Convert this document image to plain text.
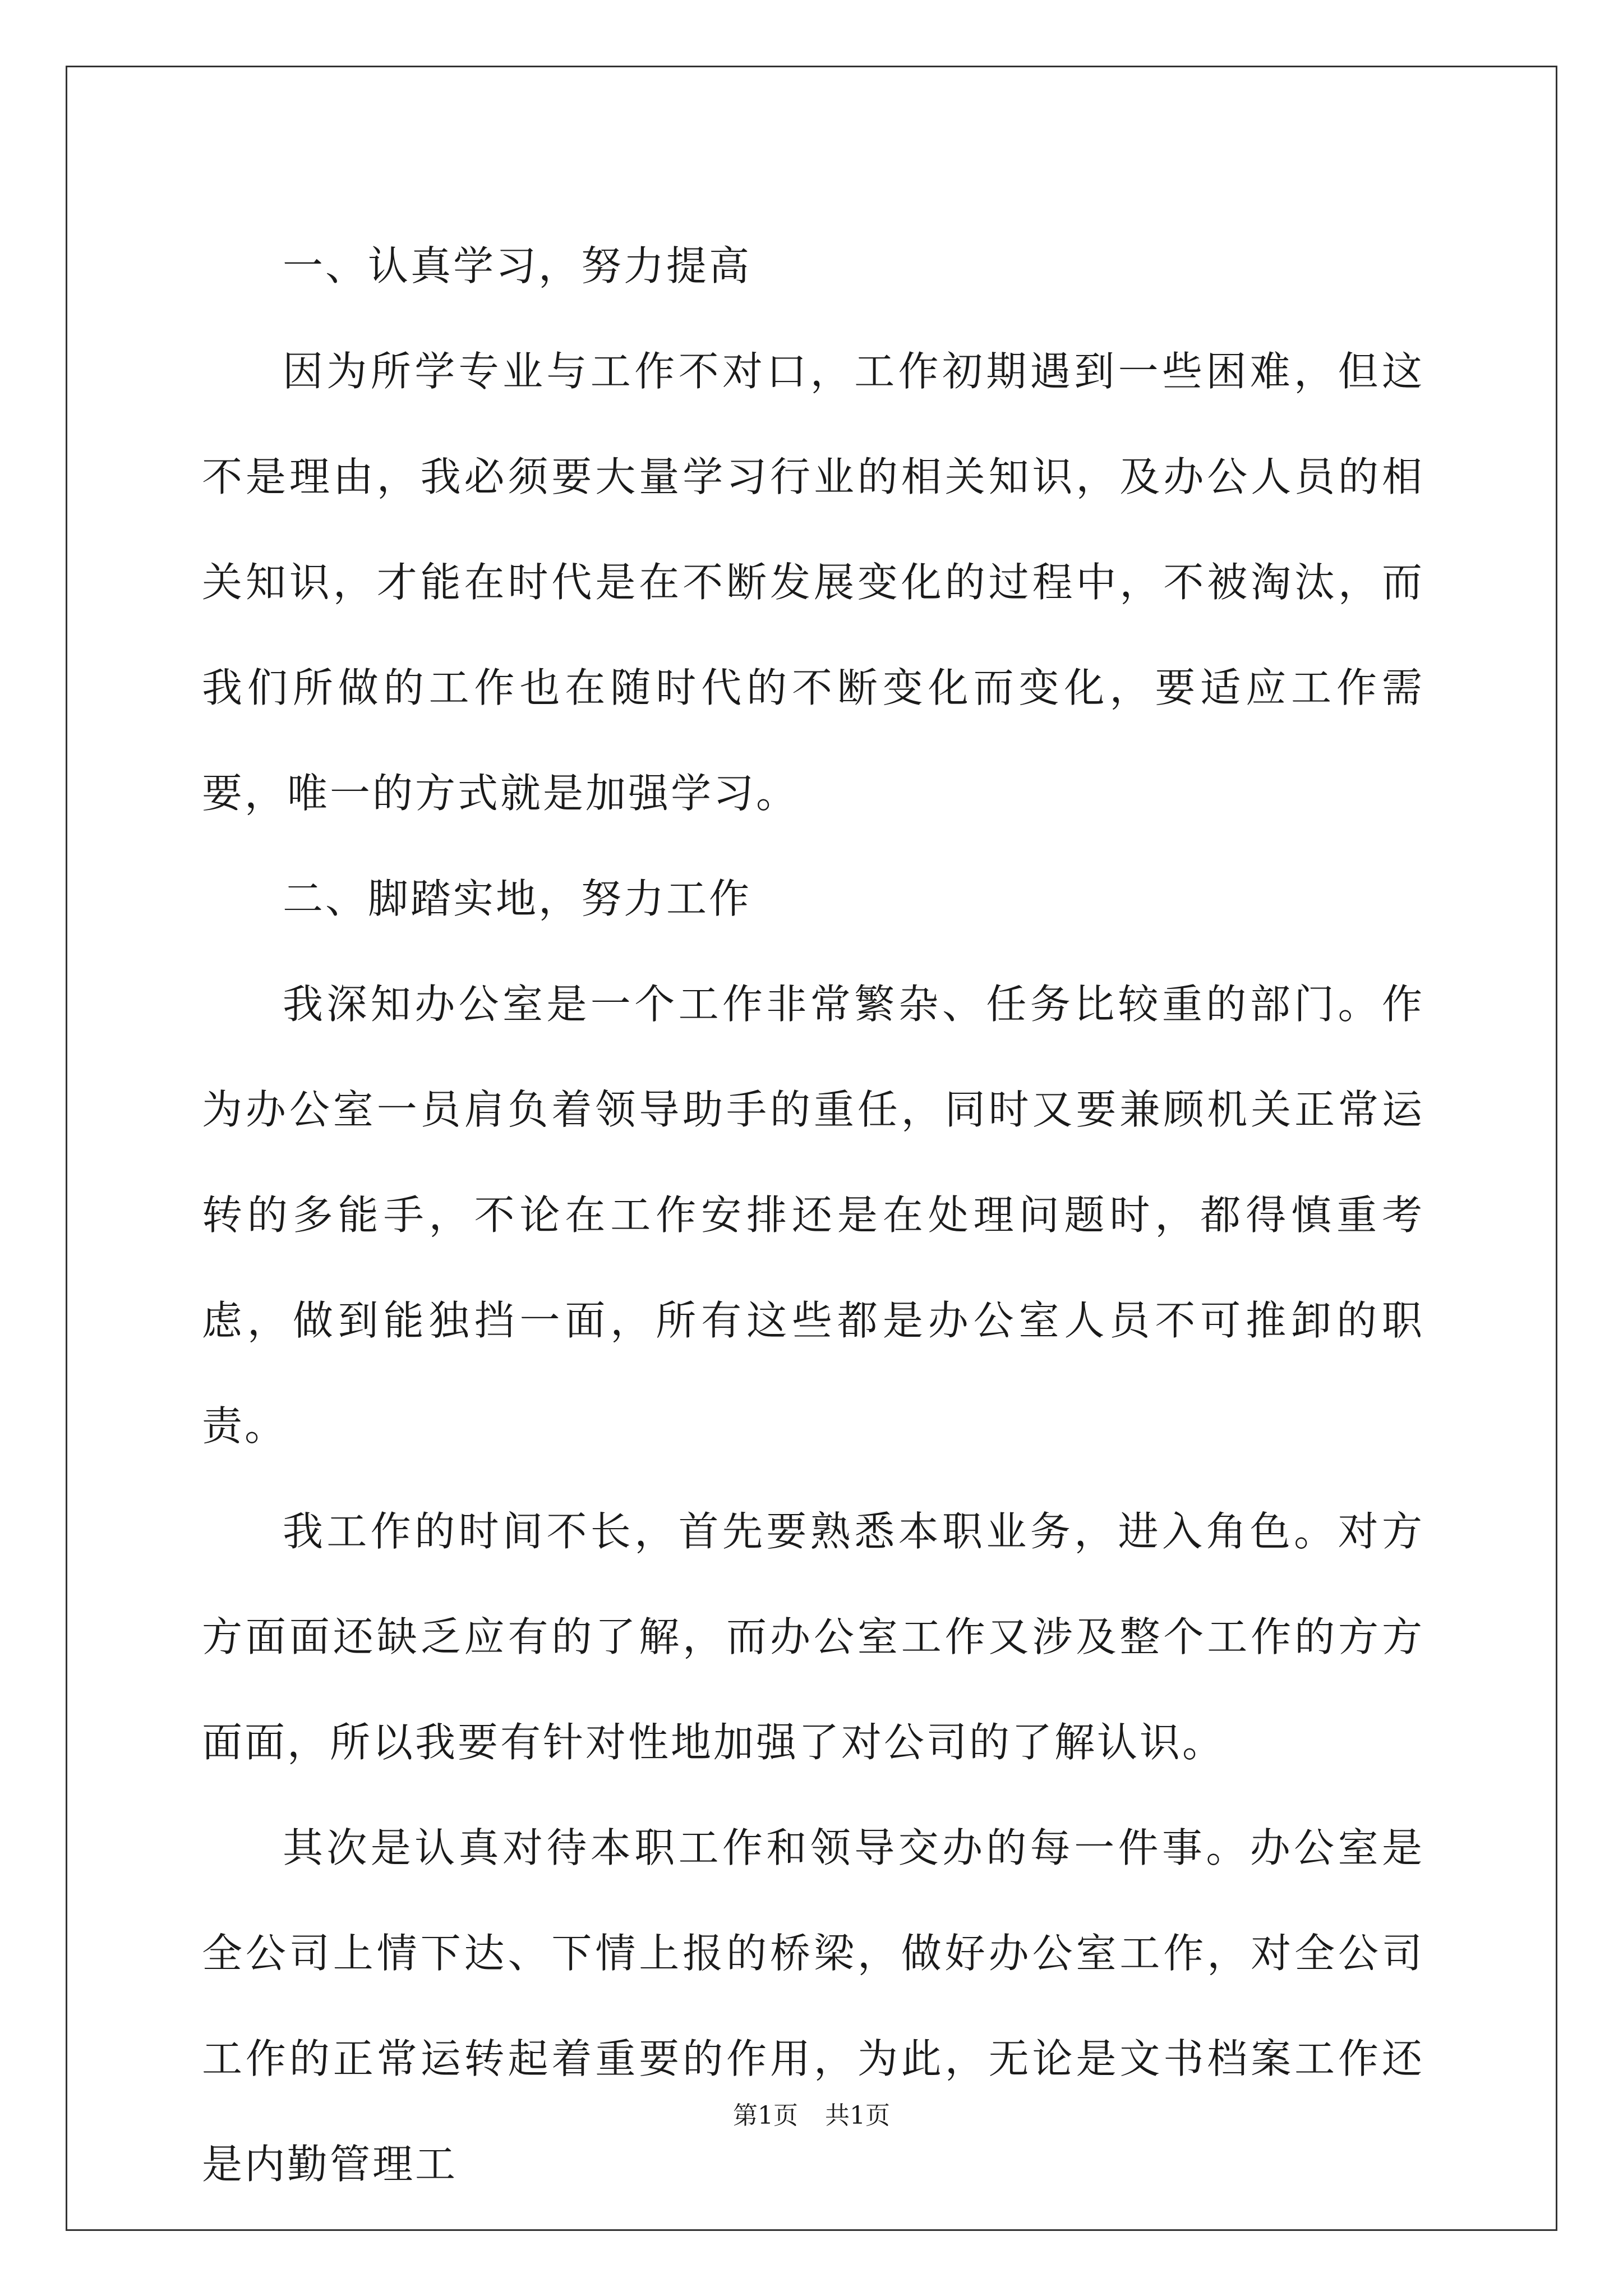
一、认真学习，努力提高

因为所学专业与工作不对口，工作初期遇到一些困难，但这不是理由，我必须要大量学习行业的相关知识，及办公人员的相关知识，才能在时代是在不断发展变化的过程中，不被淘汰，而我们所做的工作也在随时代的不断变化而变化，要适应工作需要，唯一的方式就是加强学习。

二、脚踏实地，努力工作

我深知办公室是一个工作非常繁杂、任务比较重的部门。作为办公室一员肩负着领导助手的重任，同时又要兼顾机关正常运转的多能手，不论在工作安排还是在处理问题时，都得慎重考虑，做到能独挡一面，所有这些都是办公室人员不可推卸的职责。

我工作的时间不长，首先要熟悉本职业务，进入角色。对方方面面还缺乏应有的了解，而办公室工作又涉及整个工作的方方面面，所以我要有针对性地加强了对公司的了解认识。

其次是认真对待本职工作和领导交办的每一件事。办公室是全公司上情下达、下情上报的桥梁，做好办公室工作，对全公司工作的正常运转起着重要的作用，为此，无论是文书档案工作还是内勤管理工

第1页 共1页
